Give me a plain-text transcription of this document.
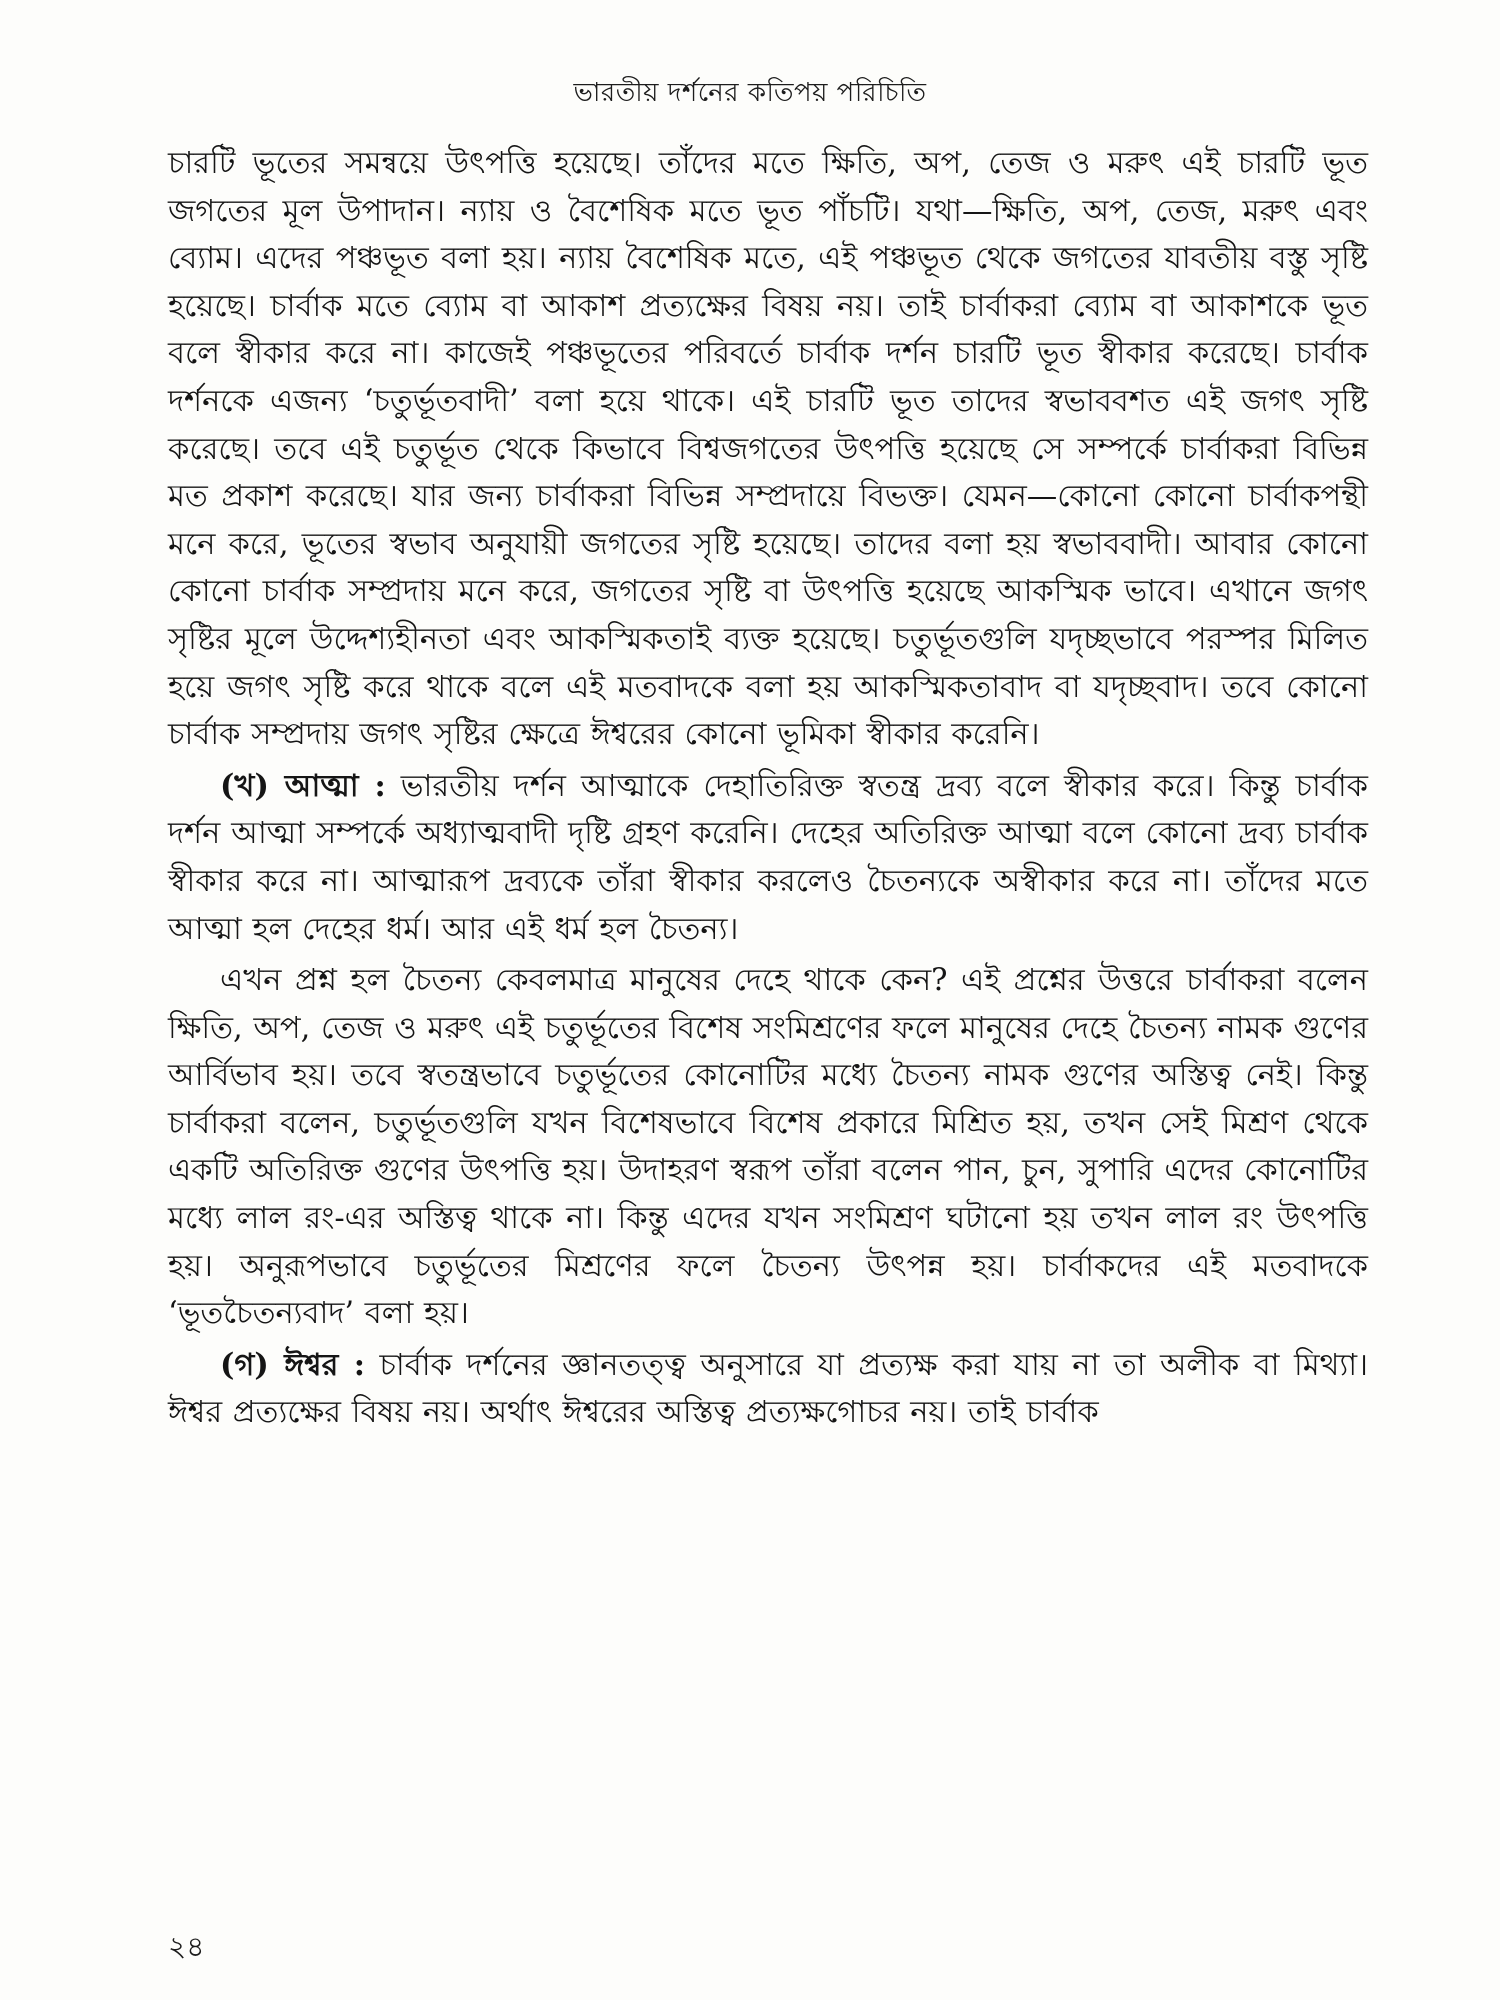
ভারতীয় দর্শনের কতিপয় পরিচিতি

চারটি ভূতের সমন্বয়ে উৎপত্তি হয়েছে। তাঁদের মতে ক্ষিতি, অপ, তেজ ও মরুৎ এই চারটি ভূত জগতের মূল উপাদান। ন্যায় ও বৈশেষিক মতে ভূত পাঁচটি। যথা—ক্ষিতি, অপ, তেজ, মরুৎ এবং ব্যোম। এদের পঞ্চভূত বলা হয়। ন্যায় বৈশেষিক মতে, এই পঞ্চভূত থেকে জগতের যাবতীয় বস্তু সৃষ্টি হয়েছে। চার্বাক মতে ব্যোম বা আকাশ প্রত্যক্ষের বিষয় নয়। তাই চার্বাকরা ব্যোম বা আকাশকে ভূত বলে স্বীকার করে না। কাজেই পঞ্চভূতের পরিবর্তে চার্বাক দর্শন চারটি ভূত স্বীকার করেছে। চার্বাক দর্শনকে এজন্য ‘চতুর্ভূতবাদী’ বলা হয়ে থাকে। এই চারটি ভূত তাদের স্বভাববশত এই জগৎ সৃষ্টি করেছে। তবে এই চতুর্ভূত থেকে কিভাবে বিশ্বজগতের উৎপত্তি হয়েছে সে সম্পর্কে চার্বাকরা বিভিন্ন মত প্রকাশ করেছে। যার জন্য চার্বাকরা বিভিন্ন সম্প্রদায়ে বিভক্ত। যেমন—কোনো কোনো চার্বাকপন্থী মনে করে, ভূতের স্বভাব অনুযায়ী জগতের সৃষ্টি হয়েছে। তাদের বলা হয় স্বভাববাদী। আবার কোনো কোনো চার্বাক সম্প্রদায় মনে করে, জগতের সৃষ্টি বা উৎপত্তি হয়েছে আকস্মিক ভাবে। এখানে জগৎ সৃষ্টির মূলে উদ্দেশ্যহীনতা এবং আকস্মিকতাই ব্যক্ত হয়েছে। চতুর্ভূতগুলি যদৃচ্ছভাবে পরস্পর মিলিত হয়ে জগৎ সৃষ্টি করে থাকে বলে এই মতবাদকে বলা হয় আকস্মিকতাবাদ বা যদৃচ্ছবাদ। তবে কোনো চার্বাক সম্প্রদায় জগৎ সৃষ্টির ক্ষেত্রে ঈশ্বরের কোনো ভূমিকা স্বীকার করেনি।

(খ) আত্মা : ভারতীয় দর্শন আত্মাকে দেহাতিরিক্ত স্বতন্ত্র দ্রব্য বলে স্বীকার করে। কিন্তু চার্বাক দর্শন আত্মা সম্পর্কে অধ্যাত্মবাদী দৃষ্টি গ্রহণ করেনি। দেহের অতিরিক্ত আত্মা বলে কোনো দ্রব্য চার্বাক স্বীকার করে না। আত্মারূপ দ্রব্যকে তাঁরা স্বীকার করলেও চৈতন্যকে অস্বীকার করে না। তাঁদের মতে আত্মা হল দেহের ধর্ম। আর এই ধর্ম হল চৈতন্য।

এখন প্রশ্ন হল চৈতন্য কেবলমাত্র মানুষের দেহে থাকে কেন? এই প্রশ্নের উত্তরে চার্বাকরা বলেন ক্ষিতি, অপ, তেজ ও মরুৎ এই চতুর্ভূতের বিশেষ সংমিশ্রণের ফলে মানুষের দেহে চৈতন্য নামক গুণের আর্বিভাব হয়। তবে স্বতন্ত্রভাবে চতুর্ভূতের কোনোটির মধ্যে চৈতন্য নামক গুণের অস্তিত্ব নেই। কিন্তু চার্বাকরা বলেন, চতুর্ভূতগুলি যখন বিশেষভাবে বিশেষ প্রকারে মিশ্রিত হয়, তখন সেই মিশ্রণ থেকে একটি অতিরিক্ত গুণের উৎপত্তি হয়। উদাহরণ স্বরূপ তাঁরা বলেন পান, চুন, সুপারি এদের কোনোটির মধ্যে লাল রং-এর অস্তিত্ব থাকে না। কিন্তু এদের যখন সংমিশ্রণ ঘটানো হয় তখন লাল রং উৎপত্তি হয়। অনুরূপভাবে চতুর্ভূতের মিশ্রণের ফলে চৈতন্য উৎপন্ন হয়। চার্বাকদের এই মতবাদকে ‘ভূতচৈতন্যবাদ’ বলা হয়।

(গ) ঈশ্বর : চার্বাক দর্শনের জ্ঞানতত্ত্ব অনুসারে যা প্রত্যক্ষ করা যায় না তা অলীক বা মিথ্যা। ঈশ্বর প্রত্যক্ষের বিষয় নয়। অর্থাৎ ঈশ্বরের অস্তিত্ব প্রত্যক্ষগোচর নয়। তাই চার্বাক

২৪
